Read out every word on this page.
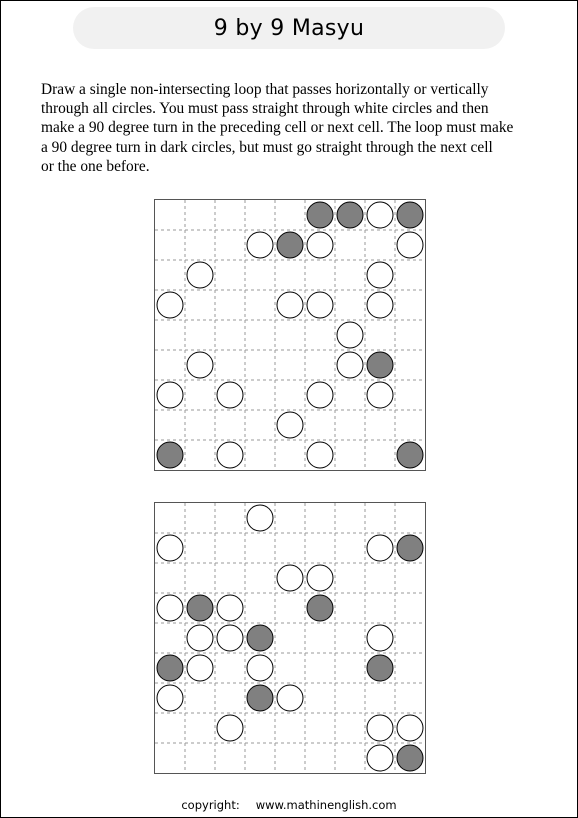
9 by 9 Masyu
Draw a single non-intersecting loop that passes horizontally or vertically
through all circles. You must pass straight through white circles and then
make a 90 degree turn in the preceding cell or next cell. The loop must make
a 90 degree turn in dark circles, but must go straight through the next cell
or the one before.
copyright: www.mathinenglish.com
